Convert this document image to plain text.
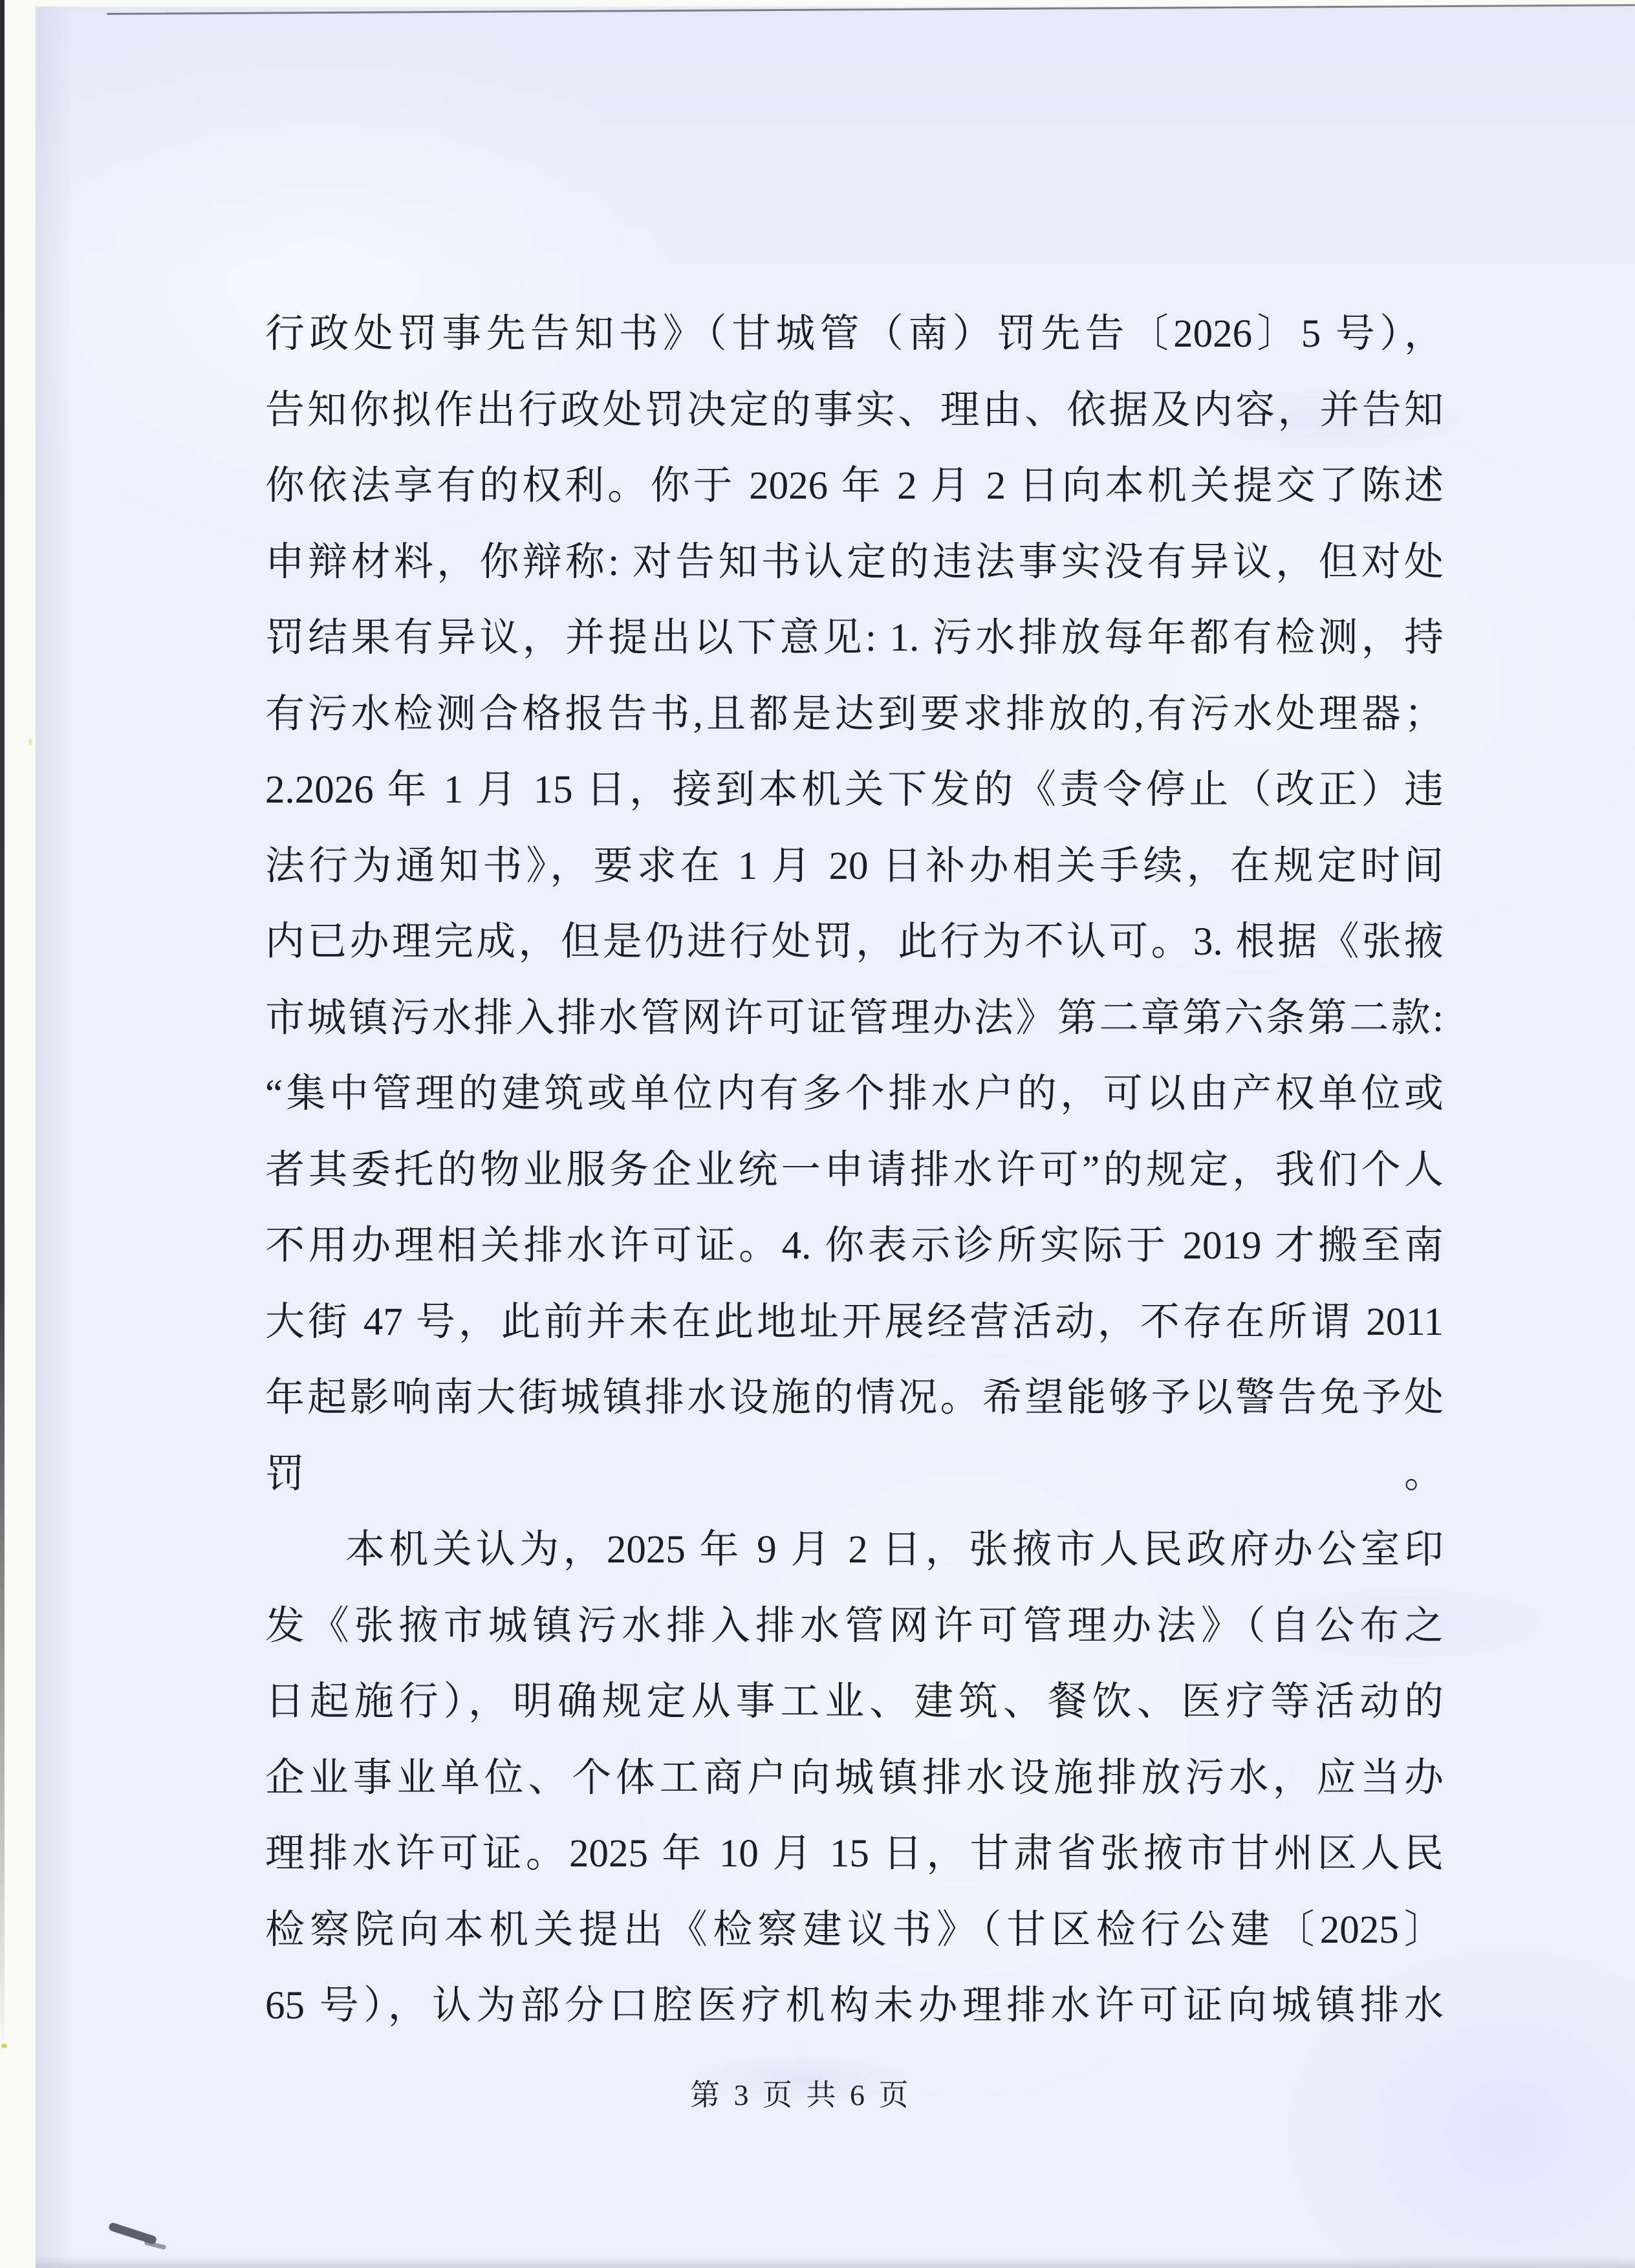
行政处罚事先告知书》（甘城管（南）罚先告〔2026〕5 号），
告知你拟作出行政处罚决定的事实、理由、依据及内容，并告知
你依法享有的权利。你于 2026 年 2 月 2 日向本机关提交了陈述
申辩材料，你辩称: 对告知书认定的违法事实没有异议，但对处
罚结果有异议，并提出以下意见: 1. 污水排放每年都有检测，持
有污水检测合格报告书,且都是达到要求排放的,有污水处理器；
2.2026 年 1 月 15 日，接到本机关下发的《责令停止（改正）违
法行为通知书》，要求在 1 月 20 日补办相关手续，在规定时间
内已办理完成，但是仍进行处罚，此行为不认可。3. 根据《张掖
市城镇污水排入排水管网许可证管理办法》第二章第六条第二款:
“集中管理的建筑或单位内有多个排水户的，可以由产权单位或
者其委托的物业服务企业统一申请排水许可”的规定，我们个人
不用办理相关排水许可证。4. 你表示诊所实际于 2019 才搬至南
大街 47 号，此前并未在此地址开展经营活动，不存在所谓 2011
年起影响南大街城镇排水设施的情况。希望能够予以警告免予处罚。
本机关认为，2025 年 9 月 2 日，张掖市人民政府办公室印
发《张掖市城镇污水排入排水管网许可管理办法》（自公布之
日起施行），明确规定从事工业、建筑、餐饮、医疗等活动的
企业事业单位、个体工商户向城镇排水设施排放污水，应当办
理排水许可证。2025 年 10 月 15 日，甘肃省张掖市甘州区人民
检察院向本机关提出《检察建议书》（甘区检行公建〔2025〕
65 号），认为部分口腔医疗机构未办理排水许可证向城镇排水
第 3 页 共 6 页
